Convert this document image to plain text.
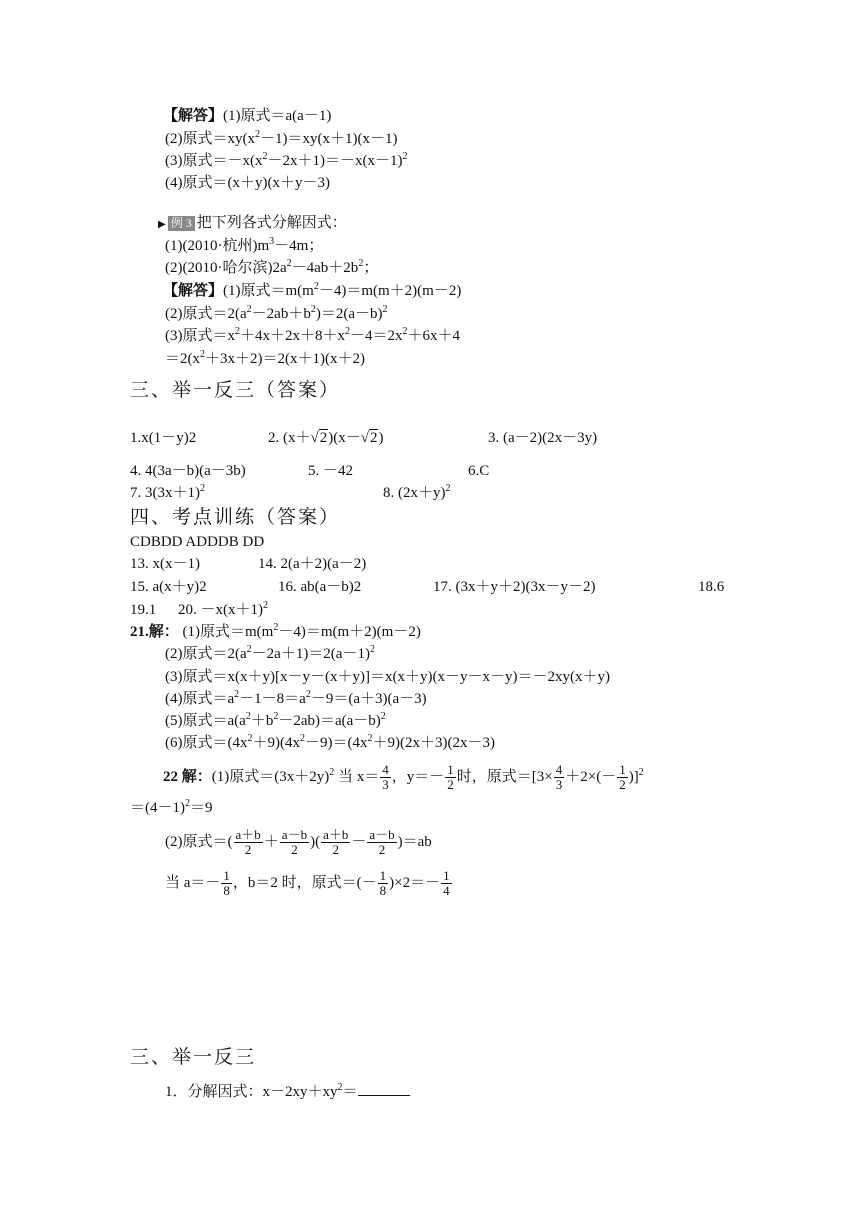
【解答】(1)原式＝a(a－1)
(2)原式$=xy(x^2-1)=xy(x+1)(x-1)$
(3)原式$=-x(x^2-2x+1)=-x(x-1)^2$
(4)原式＝(x＋y)(x＋y－3)
▶ 例 3 把下列各式分解因式：
(1)(2010·杭州)$m^3-4m$；
(2)(2010·哈尔滨)$2a^2-4ab+2b^2$；
【解答】(1)原式$=m(m^2-4)=m(m+2)(m-2)$
(2)原式$=2(a^2-2ab+b^2)=2(a-b)^2$
(3)原式$=x^2+4x+2x+8+x^2-4=2x^2+6x+4$
$=2(x^2+3x+2)=2(x+1)(x+2)$
三、举一反三（答案）
1.x(1－y)2	2. (x＋√2)(x－√2)	3. (a－2)(2x－3y)
4. 4(3a－b)(a－3b)	5. －42	6.C
7. $3(3x+1)^2$	8. $(2x+y)^2$
四、考点训练（答案）
CDBDD ADDDB DD
13. x(x－1)	14. 2(a＋2)(a－2)
15. a(x＋y)2	16. ab(a－b)2	17. (3x＋y＋2)(3x－y－2)	18.6
19.1 20. $-x(x+1)^2$
21.解： (1)原式$=m(m^2-4)=m(m+2)(m-2)$
(2)原式$=2(a^2-2a+1)=2(a-1)^2$
(3)原式＝x(x＋y)[x－y－(x＋y)]＝x(x＋y)(x－y－x－y)＝－2xy(x＋y)
(4)原式$=a^2-1-8=a^2-9=(a+3)(a-3)$
(5)原式$=a(a^2+b^2-2ab)=a(a-b)^2$
(6)原式$=(4x^2+9)(4x^2-9)=(4x^2+9)(2x+3)(2x-3)$
22 解：(1)原式$=(3x+2y)^2$ 当 $x= \frac{4}{3}$ ，$y=- \frac{1}{2}$ 时，原式$=[3\times \frac{4}{3} +2\times(- \frac{1}{2} )]^2$
$=(4-1)^2=9$
(2)原式＝( $\frac{a+b}{2} + \frac{a-b}{2}$ )( $\frac{a+b}{2} - \frac{a-b}{2} )=ab$
当 $a=- \frac{1}{8}$ ，b＝2 时，原式＝(－ $\frac{1}{8} )\times 2=- \frac{1}{4}$
三、举一反三
1．分解因式：$x-2xy+xy^2=$
